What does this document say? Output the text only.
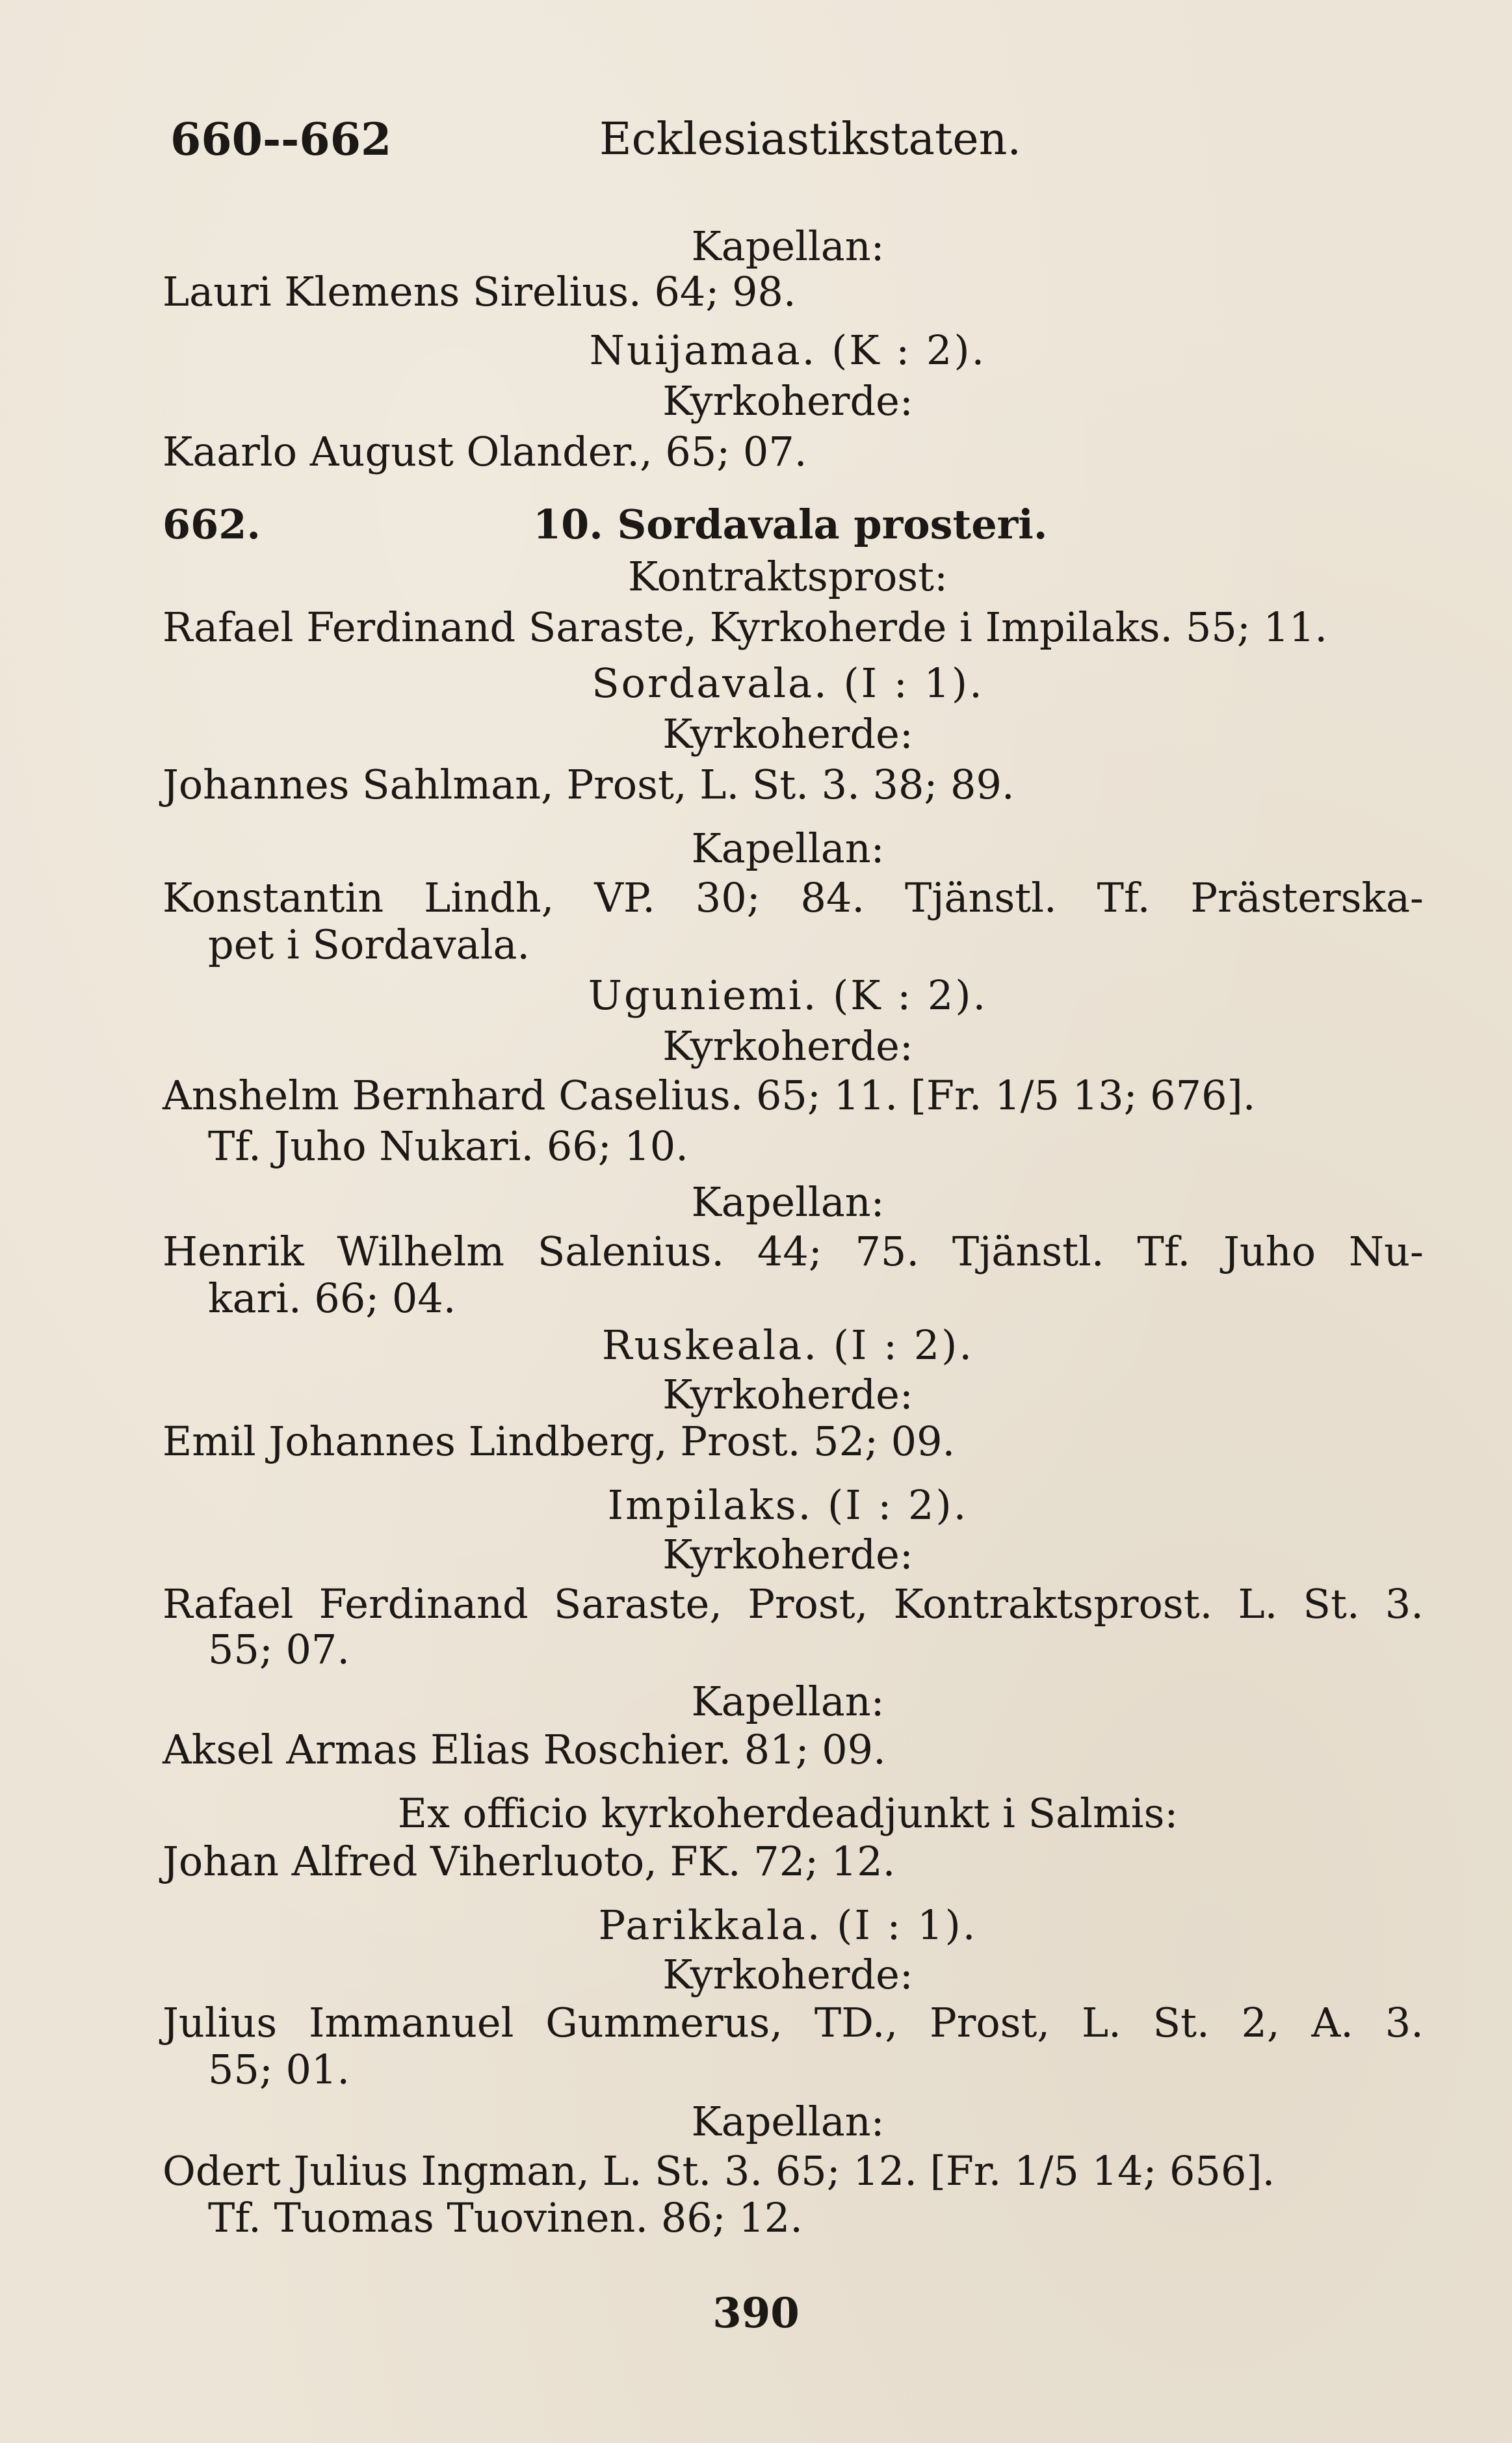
660--662	Ecklesiastikstaten.
Kapellan:
Lauri Klemens Sirelius. 64; 98.
Nuijamaa. (K : 2).
Kyrkoherde:
Kaarlo August Olander., 65; 07.
662.	10. Sordavala prosteri.
Kontraktsprost:
Rafael Ferdinand Saraste, Kyrkoherde i Impilaks. 55; 11.
Sordavala. (I : 1).
Kyrkoherde:
Johannes Sahlman, Prost, L. St. 3. 38; 89.
Kapellan:
Konstantin Lindh, VP. 30; 84. Tjänstl. Tf. Prästerska-
pet i Sordavala.
Uguniemi. (K : 2).
Kyrkoherde:
Anshelm Bernhard Caselius. 65; 11. [Fr. 1/5 13; 676].
Tf. Juho Nukari. 66; 10.
Kapellan:
Henrik Wilhelm Salenius. 44; 75. Tjänstl. Tf. Juho Nu-
kari. 66; 04.
Ruskeala. (I : 2).
Kyrkoherde:
Emil Johannes Lindberg, Prost. 52; 09.
Impilaks. (I : 2).
Kyrkoherde:
Rafael Ferdinand Saraste, Prost, Kontraktsprost. L. St. 3.
55; 07.
Kapellan:
Aksel Armas Elias Roschier. 81; 09.
Ex officio kyrkoherdeadjunkt i Salmis:
Johan Alfred Viherluoto, FK. 72; 12.
Parikkala. (I : 1).
Kyrkoherde:
Julius Immanuel Gummerus, TD., Prost, L. St. 2, A. 3.
55; 01.
Kapellan:
Odert Julius Ingman, L. St. 3. 65; 12. [Fr. 1/5 14; 656].
Tf. Tuomas Tuovinen. 86; 12.
390
